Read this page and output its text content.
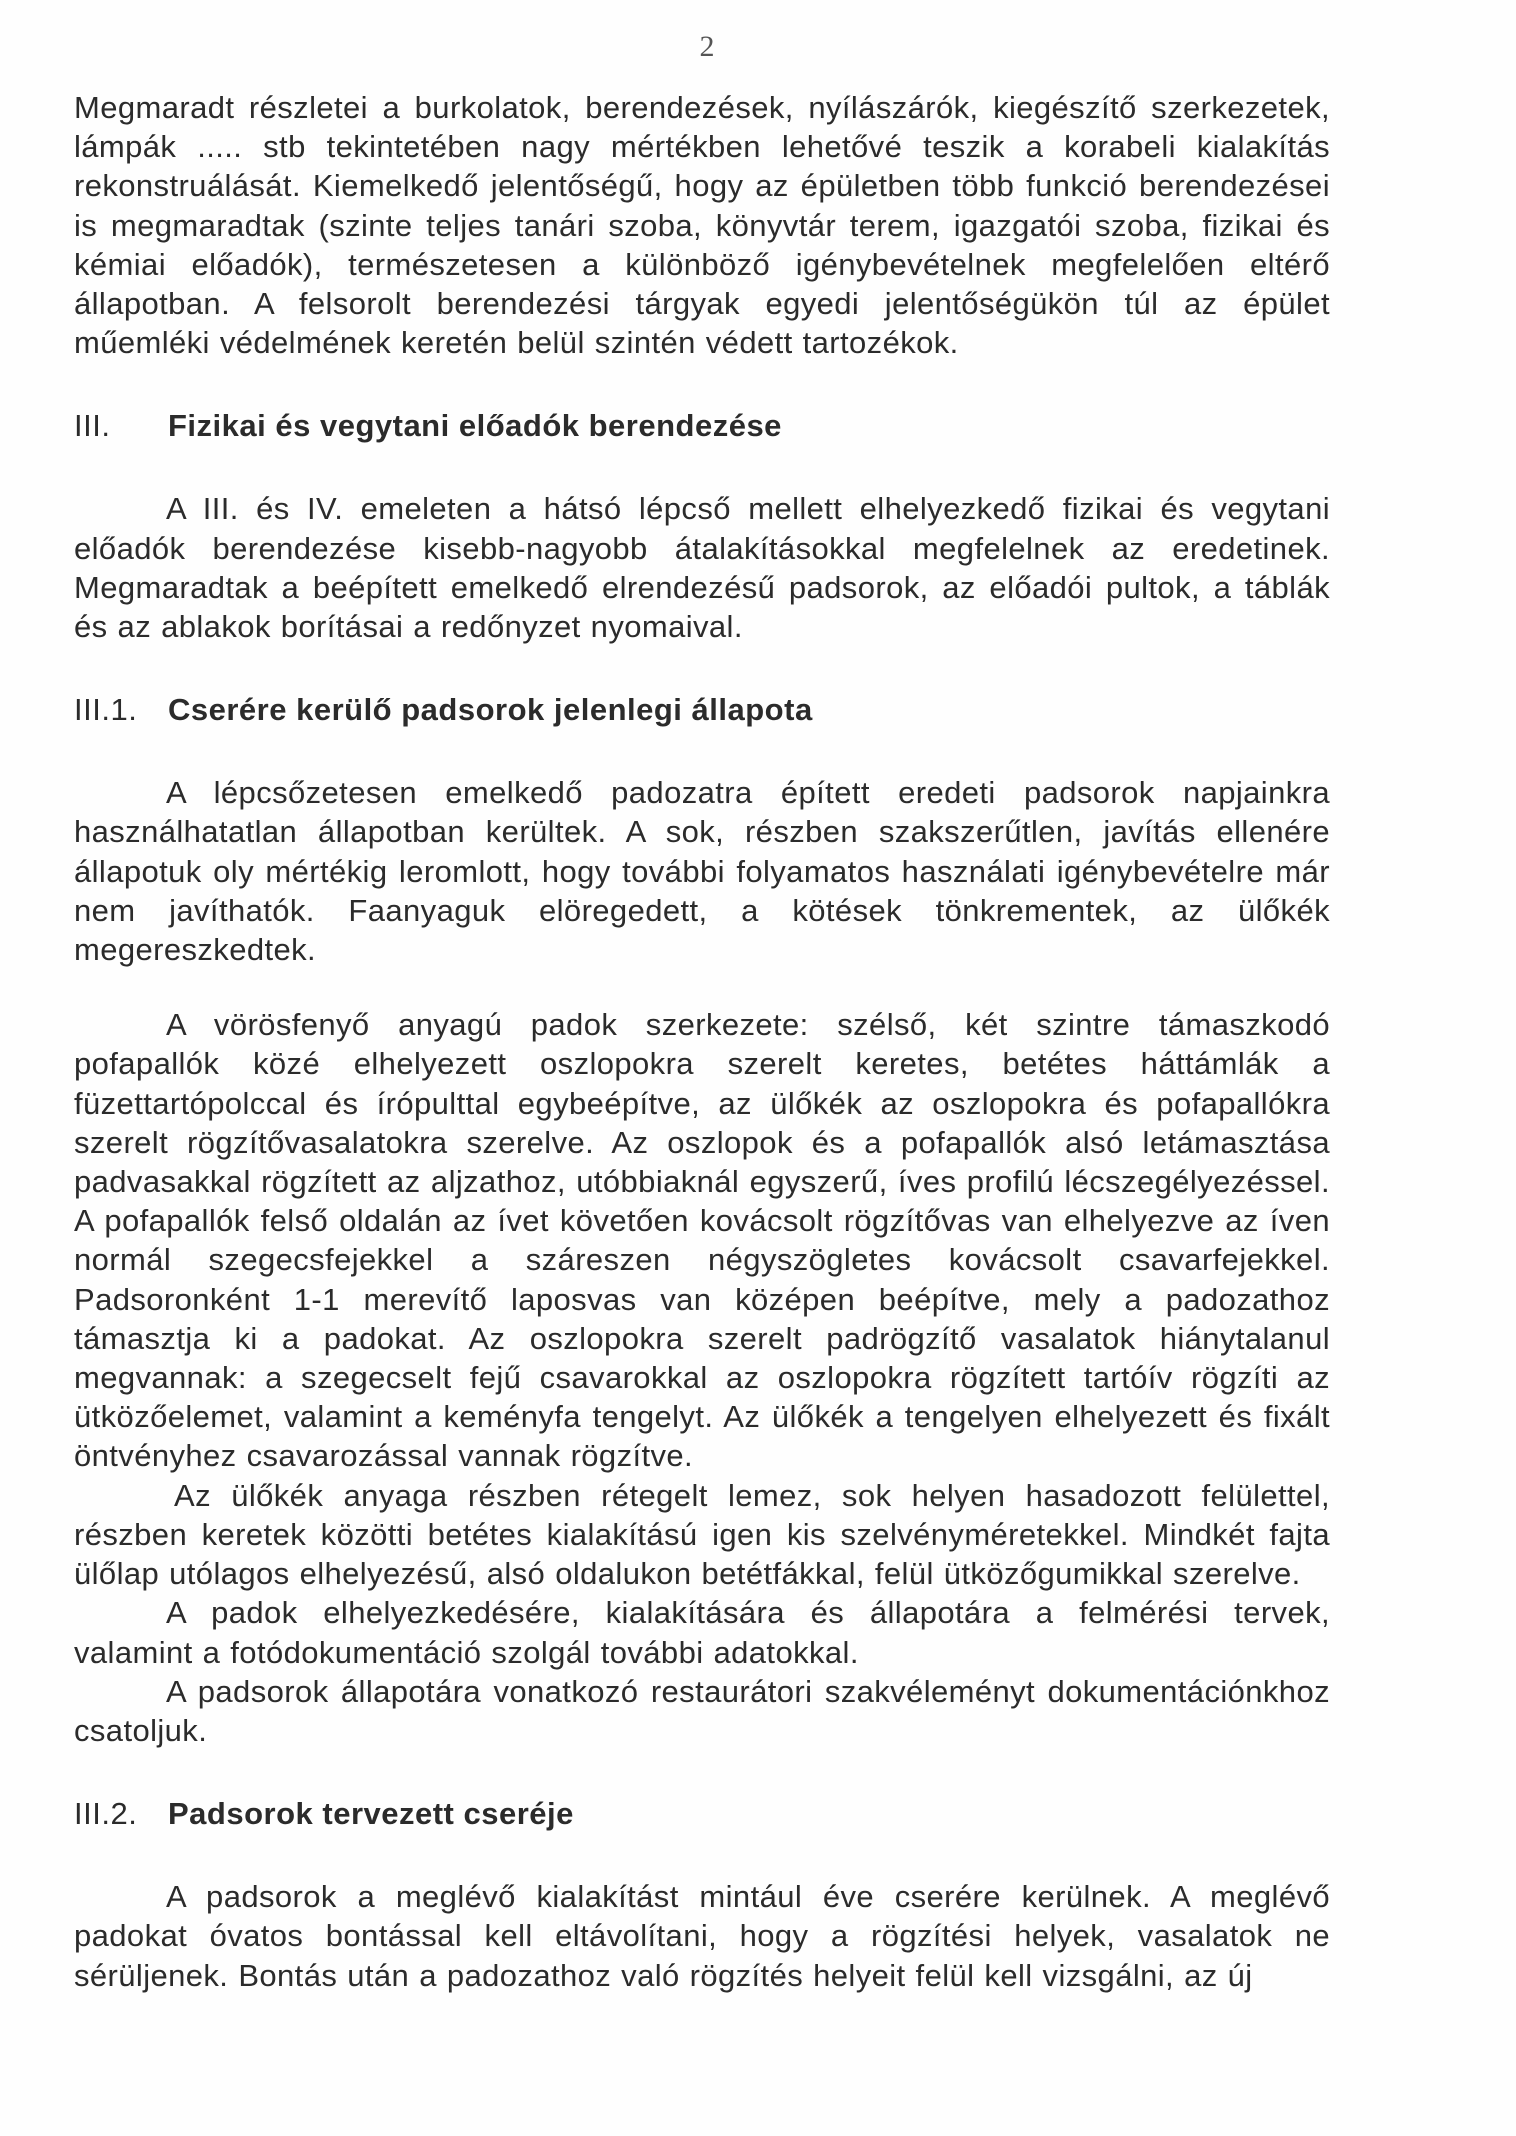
2

Megmaradt részletei a burkolatok, berendezések, nyílászárók, kiegészítő szerkezetek, lámpák ..... stb tekintetében nagy mértékben lehetővé teszik a korabeli kialakítás rekonstruálását. Kiemelkedő jelentőségű, hogy az épületben több funkció berendezései is megmaradtak (szinte teljes tanári szoba, könyvtár terem, igazgatói szoba, fizikai és kémiai előadók), természetesen a különböző igénybevételnek megfelelően eltérő állapotban. A felsorolt berendezési tárgyak egyedi jelentőségükön túl az épület műemléki védelmének keretén belül szintén védett tartozékok.

III.	Fizikai és vegytani előadók berendezése

A III. és IV. emeleten a hátsó lépcső mellett elhelyezkedő fizikai és vegytani előadók berendezése kisebb-nagyobb átalakításokkal megfelelnek az eredetinek. Megmaradtak a beépített emelkedő elrendezésű padsorok, az előadói pultok, a táblák és az ablakok borításai a redőnyzet nyomaival.

III.1. Cserére kerülő padsorok jelenlegi állapota

A lépcsőzetesen emelkedő padozatra épített eredeti padsorok napjainkra használhatatlan állapotban kerültek. A sok, részben szakszerűtlen, javítás ellenére állapotuk oly mértékig leromlott, hogy további folyamatos használati igénybevételre már nem javíthatók. Faanyaguk elöregedett, a kötések tönkrementek, az ülőkék megereszkedtek.

A vörösfenyő anyagú padok szerkezete: szélső, két szintre támaszkodó pofapallók közé elhelyezett oszlopokra szerelt keretes, betétes háttámlák a füzettartópolccal és írópulttal egybeépítve, az ülőkék az oszlopokra és pofapallókra szerelt rögzítővasalatokra szerelve. Az oszlopok és a pofapallók alsó letámasztása padvasakkal rögzített az aljzathoz, utóbbiaknál egyszerű, íves profilú lécszegélyezéssel. A pofapallók felső oldalán az ívet követően kovácsolt rögzítővas van elhelyezve az íven normál szegecsfejekkel a száreszen négyszögletes kovácsolt csavarfejekkel. Padsoronként 1-1 merevítő laposvas van középen beépítve, mely a padozathoz támasztja ki a padokat. Az oszlopokra szerelt padrögzítő vasalatok hiánytalanul megvannak: a szegecselt fejű csavarokkal az oszlopokra rögzített tartóív rögzíti az ütközőelemet, valamint a keményfa tengelyt. Az ülőkék a tengelyen elhelyezett és fixált öntvényhez csavarozással vannak rögzítve.

Az ülőkék anyaga részben rétegelt lemez, sok helyen hasadozott felülettel, részben keretek közötti betétes kialakítású igen kis szelvényméretekkel. Mindkét fajta ülőlap utólagos elhelyezésű, alsó oldalukon betétfákkal, felül ütközőgumikkal szerelve.

A padok elhelyezkedésére, kialakítására és állapotára a felmérési tervek, valamint a fotódokumentáció szolgál további adatokkal.

A padsorok állapotára vonatkozó restaurátori szakvéleményt dokumentációnkhoz csatoljuk.

III.2. Padsorok tervezett cseréje

A padsorok a meglévő kialakítást mintául éve cserére kerülnek. A meglévő padokat óvatos bontással kell eltávolítani, hogy a rögzítési helyek, vasalatok ne sérüljenek. Bontás után a padozathoz való rögzítés helyeit felül kell vizsgálni, az új
